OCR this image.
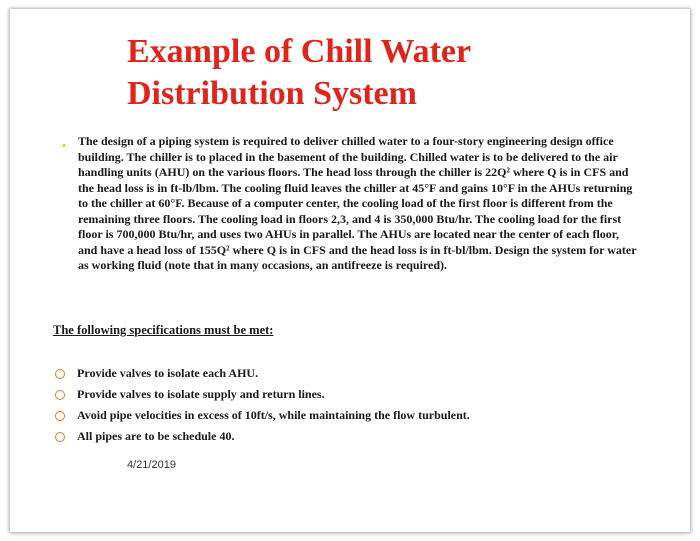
Example of Chill Water Distribution System
▪	The design of a piping system is required to deliver chilled water to a four-story engineering design office building. The chiller is to placed in the basement of the building. Chilled water is to be delivered to the air handling units (AHU) on the various floors. The head loss through the chiller is 22Q² where Q is in CFS and the head loss is in ft-lb/lbm. The cooling fluid leaves the chiller at 45°F and gains 10°F in the AHUs returning to the chiller at 60°F. Because of a computer center, the cooling load of the first floor is different from the remaining three floors. The cooling load in floors 2,3, and 4 is 350,000 Btu/hr. The cooling load for the first floor is 700,000 Btu/hr, and uses two AHUs in parallel. The AHUs are located near the center of each floor, and have a head loss of 155Q² where Q is in CFS and the head loss is in ft-bl/lbm. Design the system for water as working fluid (note that in many occasions, an antifreeze is required).

The following specifications must be met:

Provide valves to isolate each AHU.
Provide valves to isolate supply and return lines.
Avoid pipe velocities in excess of 10ft/s, while maintaining the flow turbulent.
All pipes are to be schedule 40.
4/21/2019
